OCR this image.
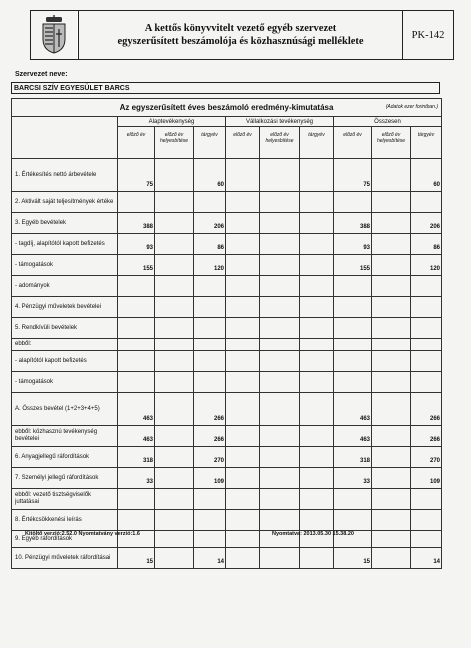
A kettős könyvvitelt vezető egyéb szervezet
egyszerűsített beszámolója és közhasznúsági melléklete
PK-142
Szervezet neve:
BARCSI SZÍV EGYESÜLET BARCS
Az egyszerűsített éves beszámoló eredmény-kimutatása (Adatok ezer forintban.)									

	Alaptevékenység			Vállalkozási tevékenység			Összesen		
	előző év	előző év helyesbítése	tárgyév	előző év	előző év helyesbítése	tárgyév	előző év	előző év helyesbítése	tárgyév
1. Értékesítés nettó árbevétele	75		60				75		60
2. Aktivált saját teljesítmények értéke									
3. Egyéb bevételek	388		206				388		206
- tagdíj, alapítótól kapott befizetés	93		86				93		86
- támogatások	155		120				155		120
- adományok									
4. Pénzügyi műveletek bevételei									
5. Rendkívüli bevételek									
ebből:									
- alapítótól kapott befizetés									
- támogatások									
A. Összes bevétel (1+2+3+4+5)	463		266				463		266
ebből: közhasznú tevékenység bevételei	463		266				463		266
6. Anyagjellegű ráfordítások	318		270				318		270
7. Személyi jellegű ráfordítások	33		109				33		109
ebből: vezető tisztségviselők juttatásai									
8. Értékcsökkenési leírás									
9. Egyéb ráfordítások									
10. Pénzügyi műveletek ráfordításai	15		14				15		14
Kitöltő verzió:2.52.0 Nyomtatvány verzió:1.6	Nyomtatva: 2013.05.30 15.38.20
